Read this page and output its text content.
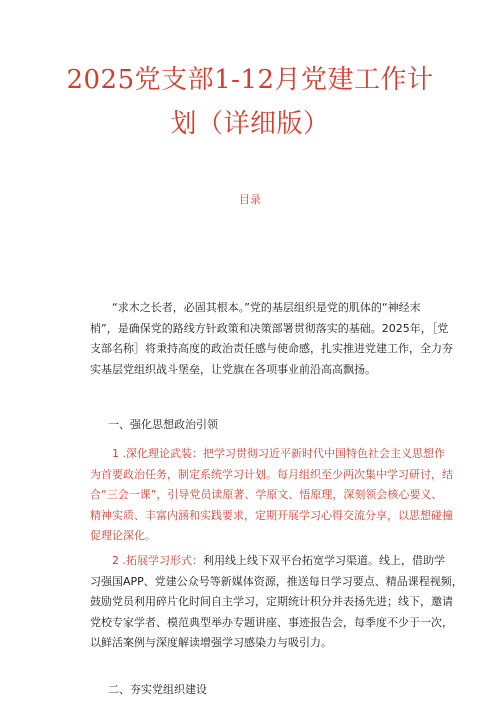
2025党支部1-12月党建工作计
划（详细版）
目录
“求木之长者，必固其根本。”党的基层组织是党的肌体的“神经末
梢”，是确保党的路线方针政策和决策部署贯彻落实的基础。2025年，［党
支部名称］将秉持高度的政治责任感与使命感，扎实推进党建工作，全力夯
实基层党组织战斗堡垒，让党旗在各项事业前沿高高飘扬。
一、强化思想政治引领
1 .深化理论武装：把学习贯彻习近平新时代中国特色社会主义思想作
为首要政治任务，制定系统学习计划。每月组织至少两次集中学习研讨，结
合“三会一课”，引导党员读原著、学原文、悟原理，深刻领会核心要义、
精神实质、丰富内涵和实践要求，定期开展学习心得交流分享，以思想碰撞
促理论深化。
2 .拓展学习形式：利用线上线下双平台拓宽学习渠道。线上，借助学
习强国APP、党建公众号等新媒体资源，推送每日学习要点、精品课程视频，
鼓励党员利用碎片化时间自主学习，定期统计积分并表扬先进；线下，邀请
党校专家学者、模范典型举办专题讲座、事迹报告会，每季度不少于一次，
以鲜活案例与深度解读增强学习感染力与吸引力。
二、夯实党组织建设
